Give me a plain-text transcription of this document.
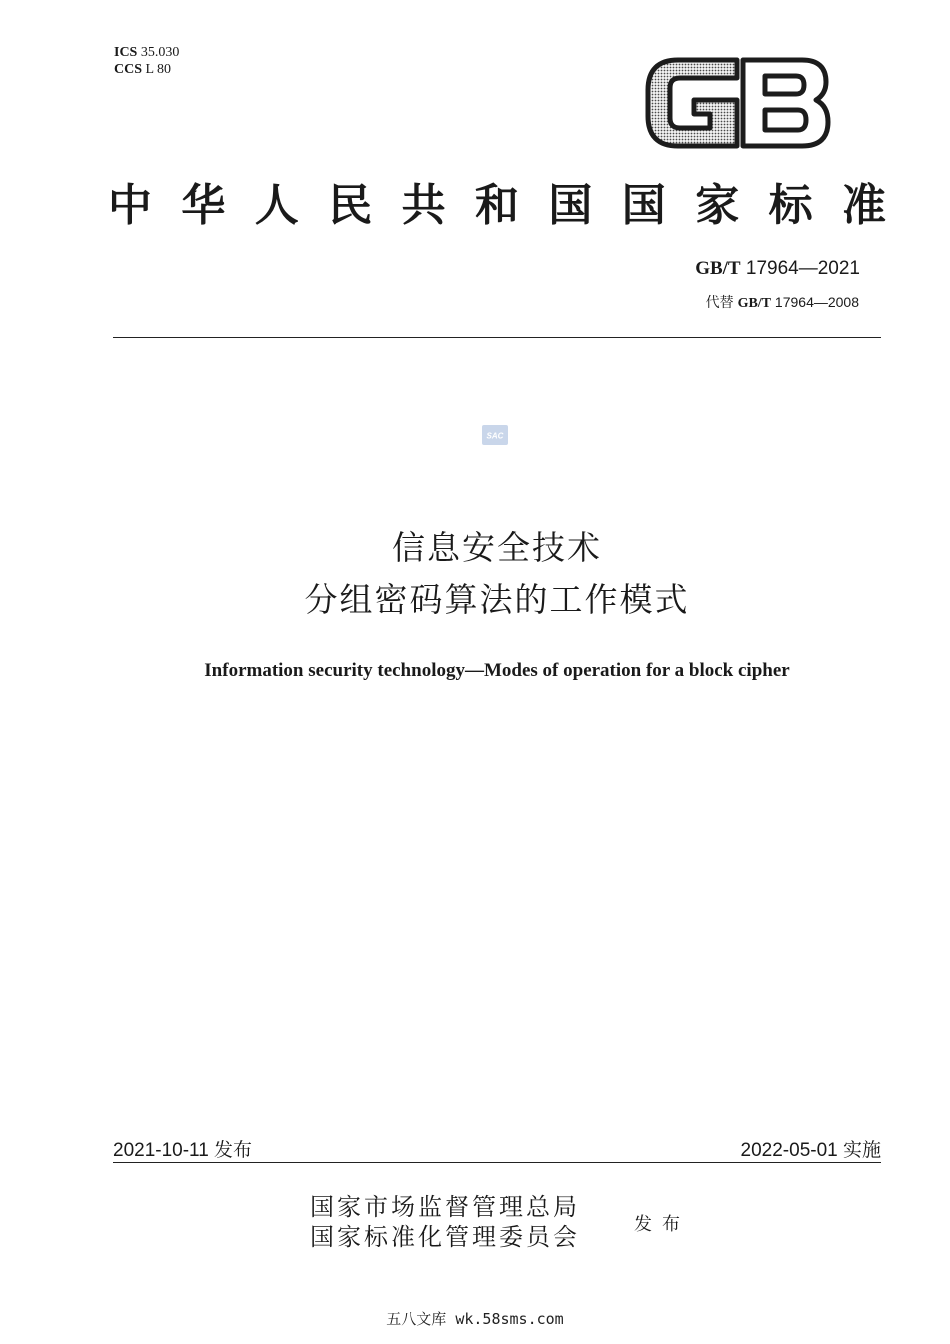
ICS 35.030
CCS L 80
中华人民共和国国家标准
GB/T 17964—2021
代替 GB/T 17964—2008
SAC
信息安全技术
分组密码算法的工作模式
Information security technology—Modes of operation for a block cipher
2021-10-11 发布	2022-05-01 实施
国家市场监督管理总局
国家标准化管理委员会	发布
五八文库 wk.58sms.com
